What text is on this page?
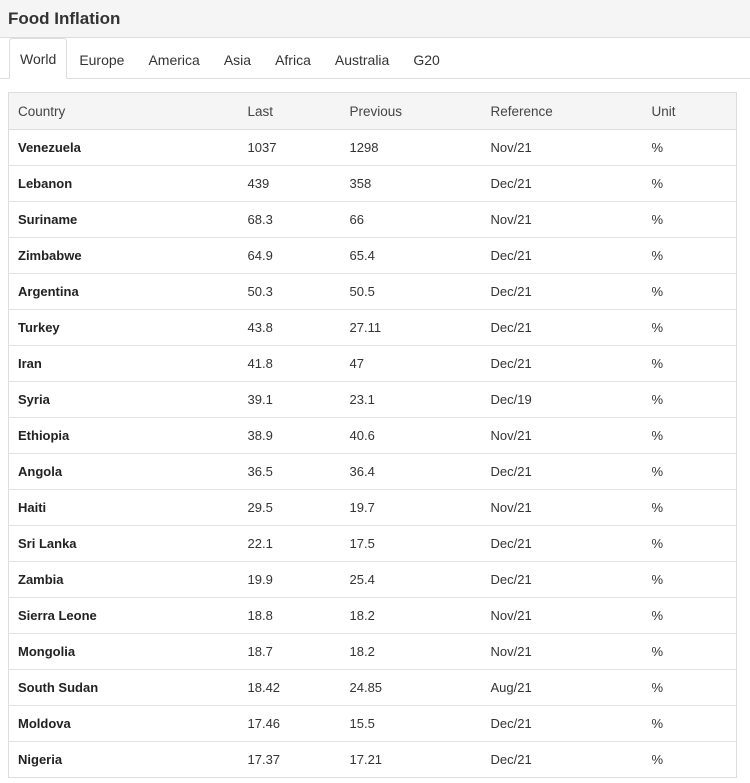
Food Inflation
World	Europe	America	Asia	Africa	Australia	G20
Country	Last	Previous	Reference	Unit
Venezuela	1037	1298	Nov/21	%
Lebanon	439	358	Dec/21	%
Suriname	68.3	66	Nov/21	%
Zimbabwe	64.9	65.4	Dec/21	%
Argentina	50.3	50.5	Dec/21	%
Turkey	43.8	27.11	Dec/21	%
Iran	41.8	47	Dec/21	%
Syria	39.1	23.1	Dec/19	%
Ethiopia	38.9	40.6	Nov/21	%
Angola	36.5	36.4	Dec/21	%
Haiti	29.5	19.7	Nov/21	%
Sri Lanka	22.1	17.5	Dec/21	%
Zambia	19.9	25.4	Dec/21	%
Sierra Leone	18.8	18.2	Nov/21	%
Mongolia	18.7	18.2	Nov/21	%
South Sudan	18.42	24.85	Aug/21	%
Moldova	17.46	15.5	Dec/21	%
Nigeria	17.37	17.21	Dec/21	%
